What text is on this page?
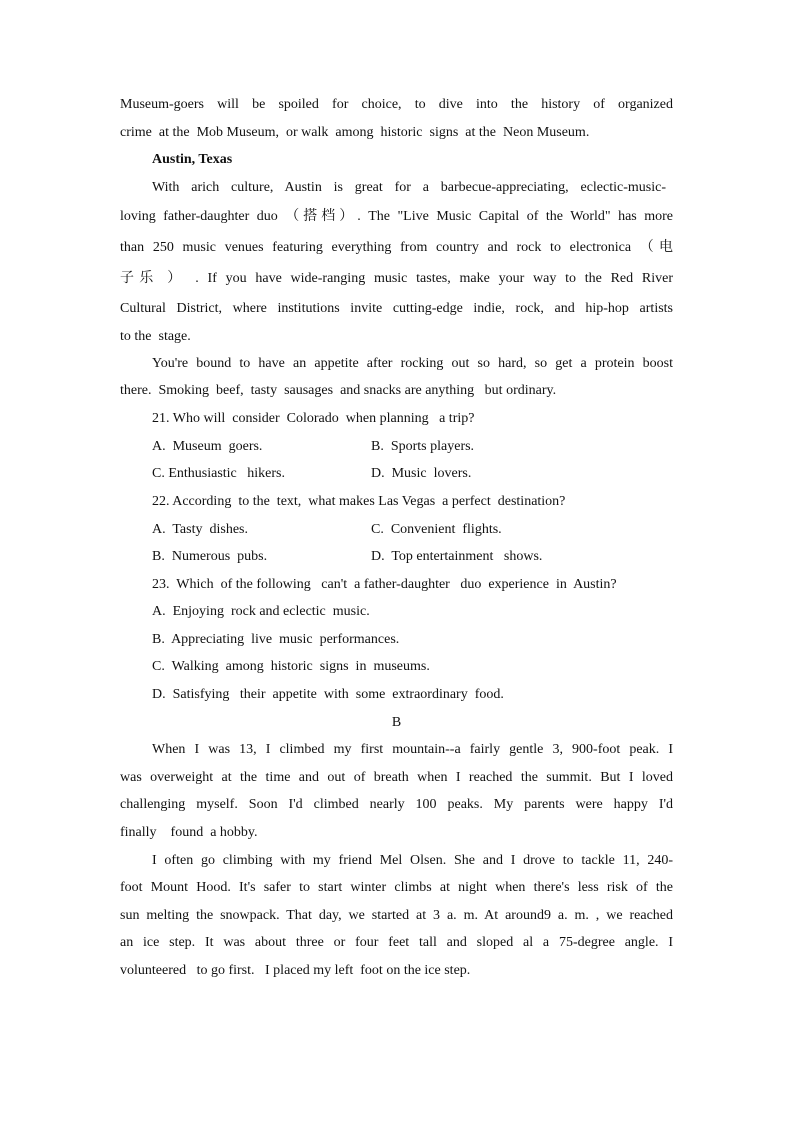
Museum-goers will be spoiled for choice, to dive into the history of organized
crime  at the  Mob Museum,  or walk  among  historic  signs  at the  Neon Museum.
Austin, Texas
With arich culture, Austin is great for a barbecue-appreciating, eclectic-music-
loving father-daughter duo （搭档）. The "Live Music Capital of the World" has more
than 250 music venues featuring everything from country and rock to electronica （电
子乐 ） . If you have wide-ranging music tastes, make your way to the Red River
Cultural District, where institutions invite cutting-edge indie, rock, and hip-hop artists
to the  stage.
You're bound to have an appetite after rocking out so hard, so get a protein boost
there.  Smoking  beef,  tasty  sausages  and snacks are anything   but ordinary.
21. Who will  consider  Colorado  when planning   a trip?
A.  Museum  goers.	B.  Sports players.
C. Enthusiastic   hikers.	D.  Music  lovers.
22. According  to the  text,  what makes Las Vegas  a perfect  destination?
A.  Tasty  dishes.	C.  Convenient  flights.
B.  Numerous  pubs.	D.  Top entertainment   shows.
23.  Which  of the following   can't  a father-daughter   duo  experience  in  Austin?
A.  Enjoying  rock and eclectic  music.
B.  Appreciating  live  music  performances.
C.  Walking  among  historic  signs  in  museums.
D.  Satisfying   their  appetite  with  some  extraordinary  food.
B
When I was 13, I climbed my first mountain--a fairly gentle 3, 900-foot peak. I
was overweight at the time and out of breath when I reached the summit. But I loved
challenging myself. Soon I'd climbed nearly 100 peaks. My parents were happy I'd
finally    found  a hobby.
I often go climbing with my friend Mel Olsen. She and I drove to tackle 11, 240-
foot Mount Hood. It's safer to start winter climbs at night when there's less risk of the
sun melting the snowpack. That day, we started at 3 a. m. At around9 a. m. , we reached
an ice step. It was about three or four feet tall and sloped al a 75-degree angle. I
volunteered   to go first.   I placed my left  foot on the ice step.
